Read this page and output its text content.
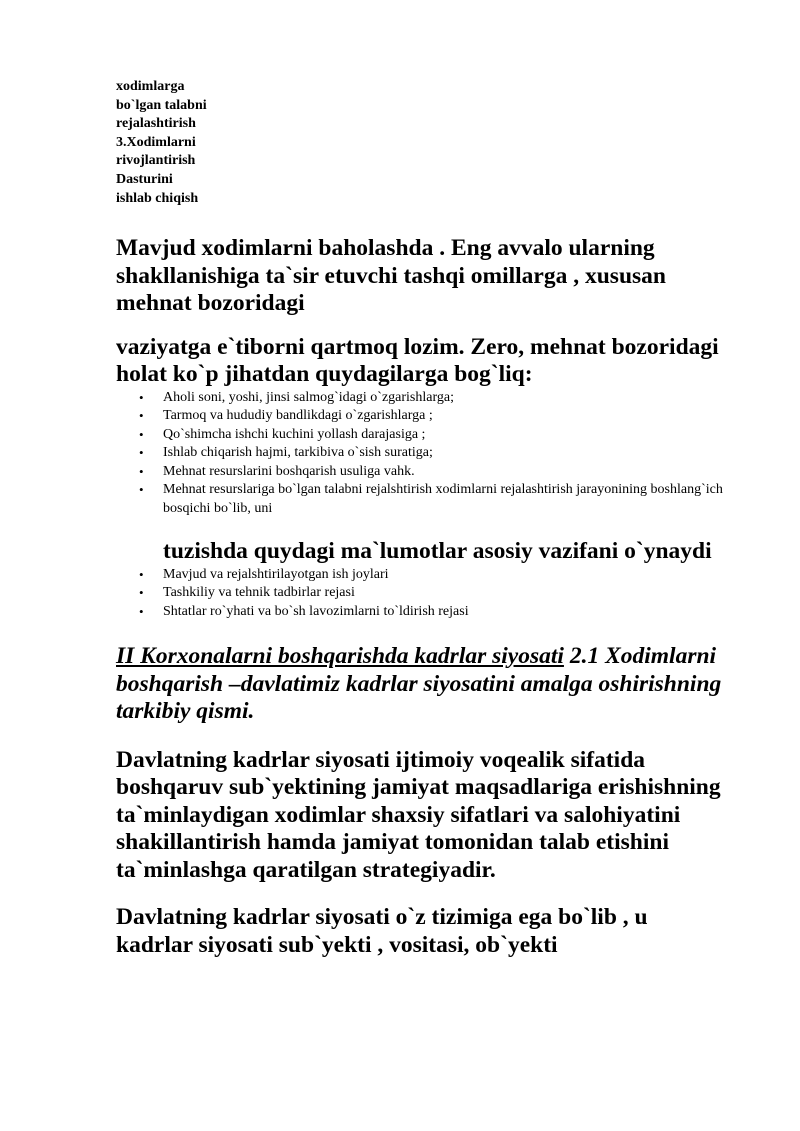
xodimlarga
bo`lgan talabni
rejalashtirish
3.Xodimlarni
rivojlantirish
Dasturini
ishlab chiqish
Mavjud xodimlarni baholashda . Eng avvalo ularning
shakllanishiga ta`sir etuvchi tashqi omillarga , xususan
mehnat bozoridagi
vaziyatga e`tiborni qartmoq lozim. Zero, mehnat bozoridagi
holat ko`p jihatdan quydagilarga bog`liq:
• Aholi soni, yoshi, jinsi salmog`idagi o`zgarishlarga;
• Tarmoq va hududiy bandlikdagi o`zgarishlarga ;
• Qo`shimcha ishchi kuchini yollash darajasiga ;
• Ishlab chiqarish hajmi, tarkibiva o`sish suratiga;
• Mehnat resurslarini boshqarish usuliga vahk.
• Mehnat resurslariga bo`lgan talabni rejalshtirish xodimlarni rejalashtirish jarayonining boshlang`ich bosqichi bo`lib, uni
tuzishda quydagi ma`lumotlar asosiy vazifani o`ynaydi
• Mavjud va rejalshtirilayotgan ish joylari
• Tashkiliy va tehnik tadbirlar rejasi
• Shtatlar ro`yhati va bo`sh lavozimlarni to`ldirish rejasi
II Korxonalarni boshqarishda kadrlar siyosati 2.1 Xodimlarni
boshqarish –davlatimiz kadrlar siyosatini amalga oshirishning
tarkibiy qismi.
Davlatning kadrlar siyosati ijtimoiy voqealik sifatida
boshqaruv sub`yektining jamiyat maqsadlariga erishishning
ta`minlaydigan xodimlar shaxsiy sifatlari va salohiyatini
shakillantirish hamda jamiyat tomonidan talab etishini
ta`minlashga qaratilgan strategiyadir.
Davlatning kadrlar siyosati o`z tizimiga ega bo`lib , u
kadrlar siyosati sub`yekti , vositasi, ob`yekti
